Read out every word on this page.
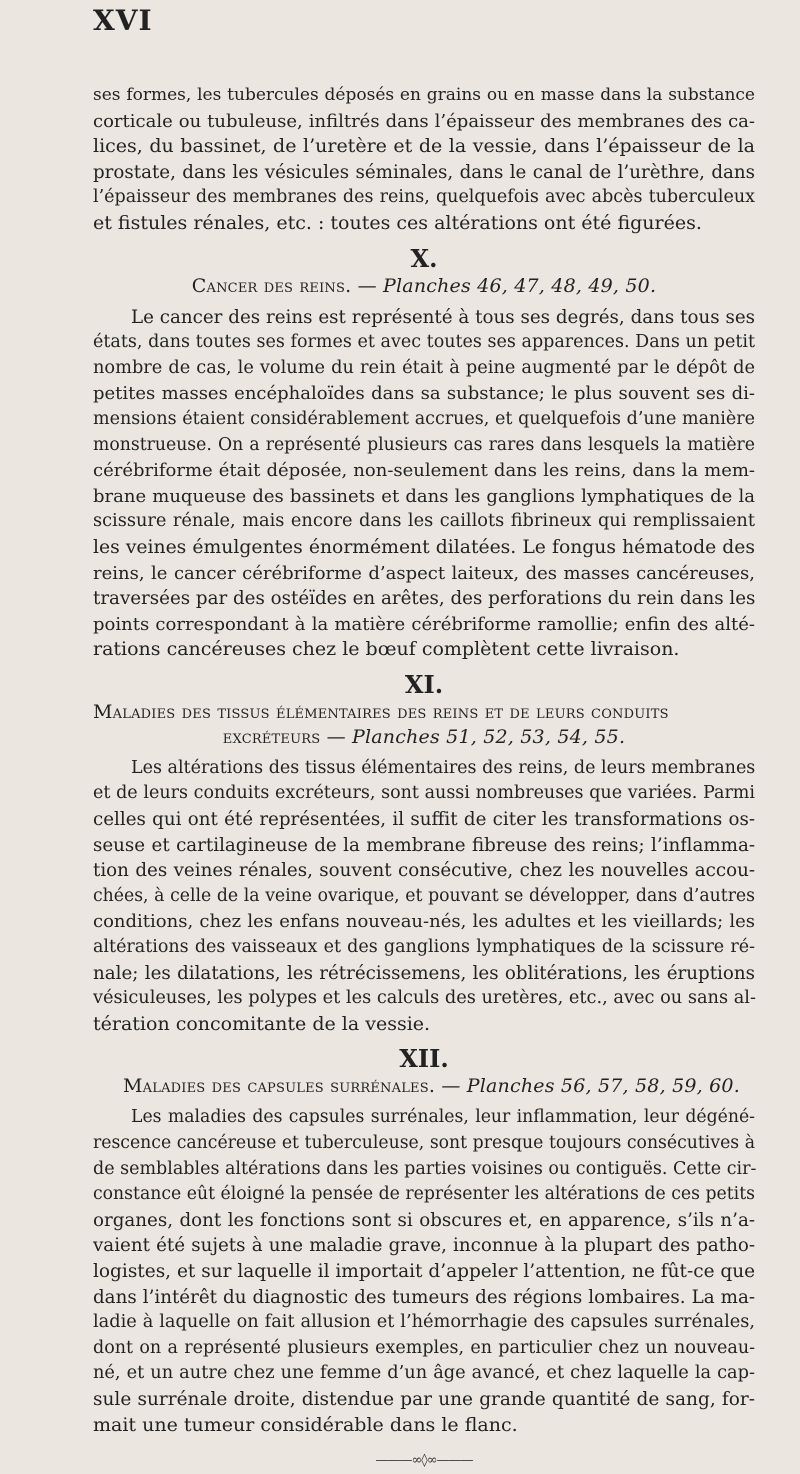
XVI
ses formes, les tubercules déposés en grains ou en masse dans la substance
corticale ou tubuleuse, infiltrés dans l’épaisseur des membranes des ca-
lices, du bassinet, de l’uretère et de la vessie, dans l’épaisseur de la
prostate, dans les vésicules séminales, dans le canal de l’urèthre, dans
l’épaisseur des membranes des reins, quelquefois avec abcès tuberculeux
et fistules rénales, etc. : toutes ces altérations ont été figurées.
X.
Cancer des reins. — Planches 46, 47, 48, 49, 50.
Le cancer des reins est représenté à tous ses degrés, dans tous ses
états, dans toutes ses formes et avec toutes ses apparences. Dans un petit
nombre de cas, le volume du rein était à peine augmenté par le dépôt de
petites masses encéphaloïdes dans sa substance; le plus souvent ses di-
mensions étaient considérablement accrues, et quelquefois d’une manière
monstrueuse. On a représenté plusieurs cas rares dans lesquels la matière
cérébriforme était déposée, non-seulement dans les reins, dans la mem-
brane muqueuse des bassinets et dans les ganglions lymphatiques de la
scissure rénale, mais encore dans les caillots fibrineux qui remplissaient
les veines émulgentes énormément dilatées. Le fongus hématode des
reins, le cancer cérébriforme d’aspect laiteux, des masses cancéreuses,
traversées par des ostéïdes en arêtes, des perforations du rein dans les
points correspondant à la matière cérébriforme ramollie; enfin des alté-
rations cancéreuses chez le bœuf complètent cette livraison.
XI.
Maladies des tissus élémentaires des reins et de leurs conduits
excréteurs — Planches 51, 52, 53, 54, 55.
Les altérations des tissus élémentaires des reins, de leurs membranes
et de leurs conduits excréteurs, sont aussi nombreuses que variées. Parmi
celles qui ont été représentées, il suffit de citer les transformations os-
seuse et cartilagineuse de la membrane fibreuse des reins; l’inflamma-
tion des veines rénales, souvent consécutive, chez les nouvelles accou-
chées, à celle de la veine ovarique, et pouvant se développer, dans d’autres
conditions, chez les enfans nouveau-nés, les adultes et les vieillards; les
altérations des vaisseaux et des ganglions lymphatiques de la scissure ré-
nale; les dilatations, les rétrécissemens, les oblitérations, les éruptions
vésiculeuses, les polypes et les calculs des uretères, etc., avec ou sans al-
tération concomitante de la vessie.
XII.
Maladies des capsules surrénales. — Planches 56, 57, 58, 59, 60.
Les maladies des capsules surrénales, leur inflammation, leur dégéné-
rescence cancéreuse et tuberculeuse, sont presque toujours consécutives à
de semblables altérations dans les parties voisines ou contiguës. Cette cir-
constance eût éloigné la pensée de représenter les altérations de ces petits
organes, dont les fonctions sont si obscures et, en apparence, s’ils n’a-
vaient été sujets à une maladie grave, inconnue à la plupart des patho-
logistes, et sur laquelle il importait d’appeler l’attention, ne fût-ce que
dans l’intérêt du diagnostic des tumeurs des régions lombaires. La ma-
ladie à laquelle on fait allusion et l’hémorrhagie des capsules surrénales,
dont on a représenté plusieurs exemples, en particulier chez un nouveau-
né, et un autre chez une femme d’un âge avancé, et chez laquelle la cap-
sule surrénale droite, distendue par une grande quantité de sang, for-
mait une tumeur considérable dans le flanc.
———∞◊∞———
